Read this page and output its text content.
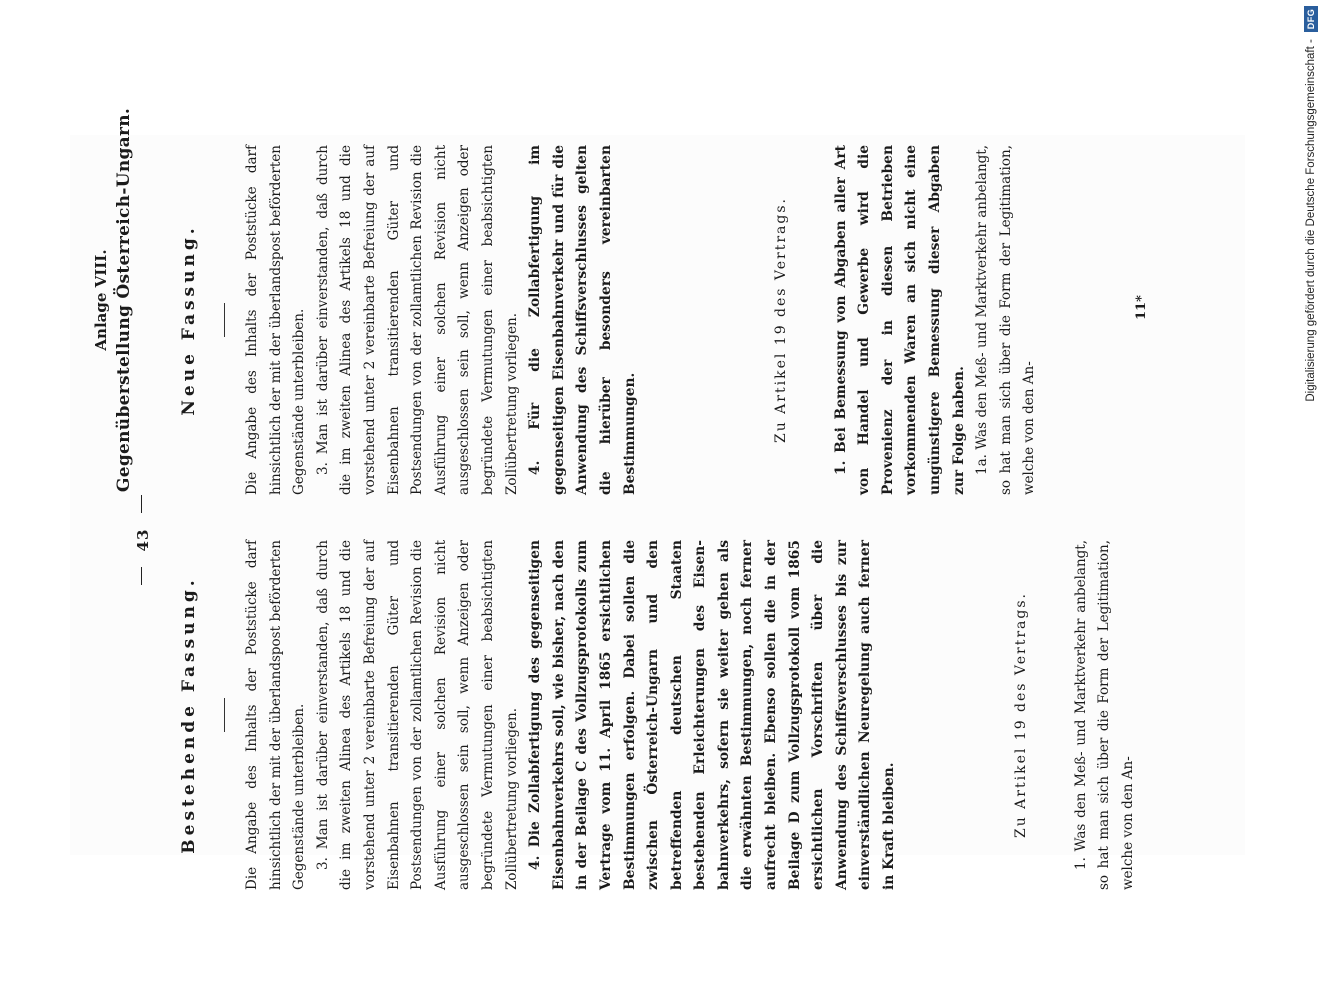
43
Anlage VIII. Gegenüberstellung Österreich-Ungarn.
Bestehende Fassung.	Die Angabe des Inhalts der Poststücke darf hinsichtlich der mit der überlandspost beförderten Gegenstände unterbleiben. 3. Man ist darüber einverstanden, daß durch die im zweiten Alinea des Artikels 18 und die vorstehend unter 2 vereinbarte Befreiung der auf Eisenbahnen transitierenden Güter und Postsendungen von der zollamtlichen Revision die Ausführung einer solchen Revision nicht ausgeschlossen sein soll, wenn Anzeigen oder begründete Vermutungen einer beabsichtigten Zollübertretung vorliegen. 4. Die Zollabfertigung des gegenseitigen Eisenbahnverkehrs soll, wie bisher, nach den in der Beilage C des Vollzugsprotokolls zum Vertrage vom 11. April 1865 ersichtlichen Bestimmungen erfolgen. Dabei sollen die zwischen Österreich-Ungarn und den betreffenden deutschen Staaten bestehenden Erleichterungen des Eisenbahnverkehrs, sofern sie weiter gehen als die erwähnten Bestimmungen, noch ferner aufrecht bleiben. Ebenso sollen die in der Beilage D zum Vollzugsprotokoll vom 1865 ersichtlichen Vorschriften über die Anwendung des Schiffsverschlusses bis zur einverständlichen Neuregelung auch ferner in Kraft bleiben.	Zu Artikel 19 des Vertrags.	1. Was den Meß- und Marktverkehr anbelangt, so hat man sich über die Form der Legitimation, welche von den An-

Neue Fassung.	Die Angabe des Inhalts der Poststücke darf hinsichtlich der mit der überlandspost beförderten Gegenstände unterbleiben. 3. Man ist darüber einverstanden, daß durch die im zweiten Alinea des Artikels 18 und die vorstehend unter 2 vereinbarte Befreiung der auf Eisenbahnen transitierenden Güter und Postsendungen von der zollamtlichen Revision die Ausführung einer solchen Revision nicht ausgeschlossen sein soll, wenn Anzeigen oder begründete Vermutungen einer beabsichtigten Zollübertretung vorliegen. 4. Für die Zollabfertigung im gegenseitigen Eisenbahnverkehr und für die Anwendung des Schiffsverschlusses gelten die hierüber besonders vereinbarten Bestimmungen.	Zu Artikel 19 des Vertrags.	1. Bei Bemessung von Abgaben aller Art von Handel und Gewerbe wird die Provenienz der in diesen Betrieben vorkommenden Waren an sich nicht eine ungünstigere Bemessung dieser Abgaben zur Folge haben. 1a. Was den Meß- und Marktverkehr anbelangt, so hat man sich über die Form der Legitimation, welche von den An-

11*	Digitalisierung gefördert durch die Deutsche Forschungsgemeinschaft - DFG
